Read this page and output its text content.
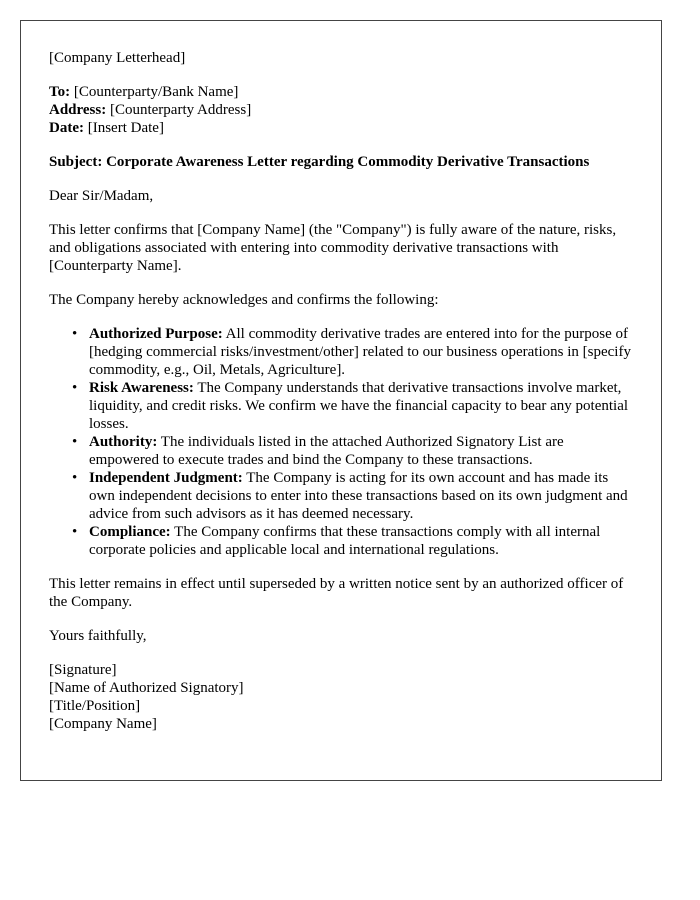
[Company Letterhead]

To: [Counterparty/Bank Name]
Address: [Counterparty Address]
Date: [Insert Date]

Subject: Corporate Awareness Letter regarding Commodity Derivative Transactions

Dear Sir/Madam,

This letter confirms that [Company Name] (the "Company") is fully aware of the nature, risks, and obligations associated with entering into commodity derivative transactions with [Counterparty Name].

The Company hereby acknowledges and confirms the following:

• Authorized Purpose: All commodity derivative trades are entered into for the purpose of [hedging commercial risks/investment/other] related to our business operations in [specify commodity, e.g., Oil, Metals, Agriculture].
• Risk Awareness: The Company understands that derivative transactions involve market, liquidity, and credit risks. We confirm we have the financial capacity to bear any potential losses.
• Authority: The individuals listed in the attached Authorized Signatory List are empowered to execute trades and bind the Company to these transactions.
• Independent Judgment: The Company is acting for its own account and has made its own independent decisions to enter into these transactions based on its own judgment and advice from such advisors as it has deemed necessary.
• Compliance: The Company confirms that these transactions comply with all internal corporate policies and applicable local and international regulations.

This letter remains in effect until superseded by a written notice sent by an authorized officer of the Company.

Yours faithfully,

[Signature]
[Name of Authorized Signatory]
[Title/Position]
[Company Name]
